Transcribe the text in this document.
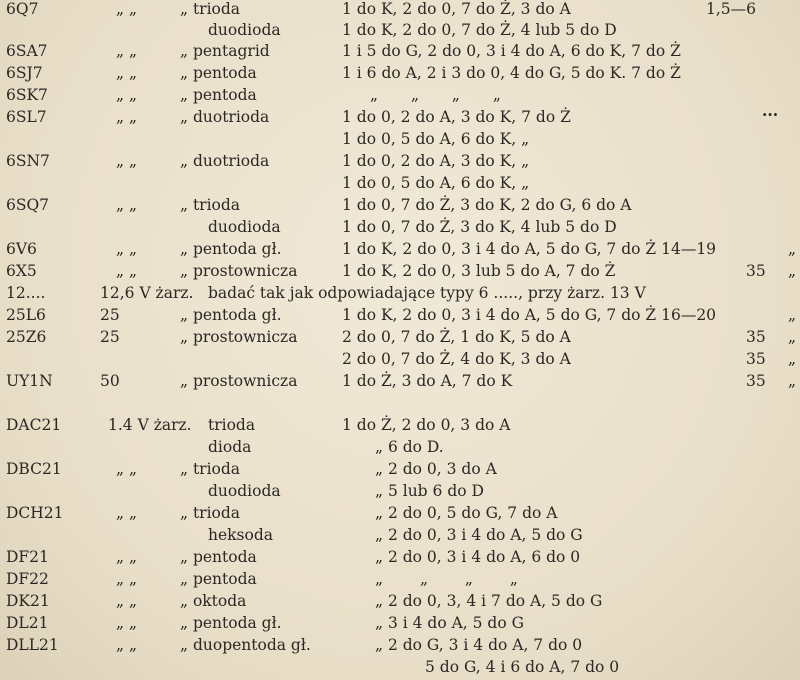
6Q7	„ „	„ trioda	1 do K, 2 do 0, 7 do Ż, 3 do A	1,5—6
duodioda	1 do K, 2 do 0, 7 do Ż, 4 lub 5 do D
6SA7	„ „	„ pentagrid	1 i 5 do G, 2 do 0, 3 i 4 do A, 6 do K, 7 do Ż
6SJ7	„ „	„ pentoda	1 i 6 do A, 2 i 3 do 0, 4 do G, 5 do K. 7 do Ż
6SK7	„ „	„ pentoda	„ „ „ „
6SL7	„ „	„ duotrioda	1 do 0, 2 do A, 3 do K, 7 do Ż	...
1 do 0, 5 do A, 6 do K, „
6SN7	„ „	„ duotrioda	1 do 0, 2 do A, 3 do K, „
1 do 0, 5 do A, 6 do K, „
6SQ7	„ „	„ trioda	1 do 0, 7 do Ż, 3 do K, 2 do G, 6 do A
duodioda	1 do 0, 7 do Ż, 3 do K, 4 lub 5 do D
6V6	„ „	„ pentoda gł.	1 do K, 2 do 0, 3 i 4 do A, 5 do G, 7 do Ż 14—19	„
6X5	„ „	„ prostownicza	1 do K, 2 do 0, 3 lub 5 do A, 7 do Ż	35 „
12....	12,6 V żarz. badać tak jak odpowiadające typy 6 ....., przy żarz. 13 V
25L6	25	„ pentoda gł.	1 do K, 2 do 0, 3 i 4 do A, 5 do G, 7 do Ż 16—20	„
25Z6	25	„ prostownicza	2 do 0, 7 do Ż, 1 do K, 5 do A	35 „
2 do 0, 7 do Ż, 4 do K, 3 do A	35 „
UY1N	50	„ prostownicza	1 do Ż, 3 do A, 7 do K	35 „
DAC21	1.4 V żarz. trioda	1 do Ż, 2 do 0, 3 do A
dioda	„ 6 do D.
DBC21	„ „	„ trioda	„ 2 do 0, 3 do A
duodioda	„ 5 lub 6 do D
DCH21	„ „	„ trioda	„ 2 do 0, 5 do G, 7 do A
heksoda	„ 2 do 0, 3 i 4 do A, 5 do G
DF21	„ „	„ pentoda	„ 2 do 0, 3 i 4 do A, 6 do 0
DF22	„ „	„ pentoda	„ „ „ „
DK21	„ „	„ oktoda	„ 2 do 0, 3, 4 i 7 do A, 5 do G
DL21	„ „	„ pentoda gł.	„ 3 i 4 do A, 5 do G
DLL21	„ „	„ duopentoda gł.	„ 2 do G, 3 i 4 do A, 7 do 0
5 do G, 4 i 6 do A, 7 do 0
